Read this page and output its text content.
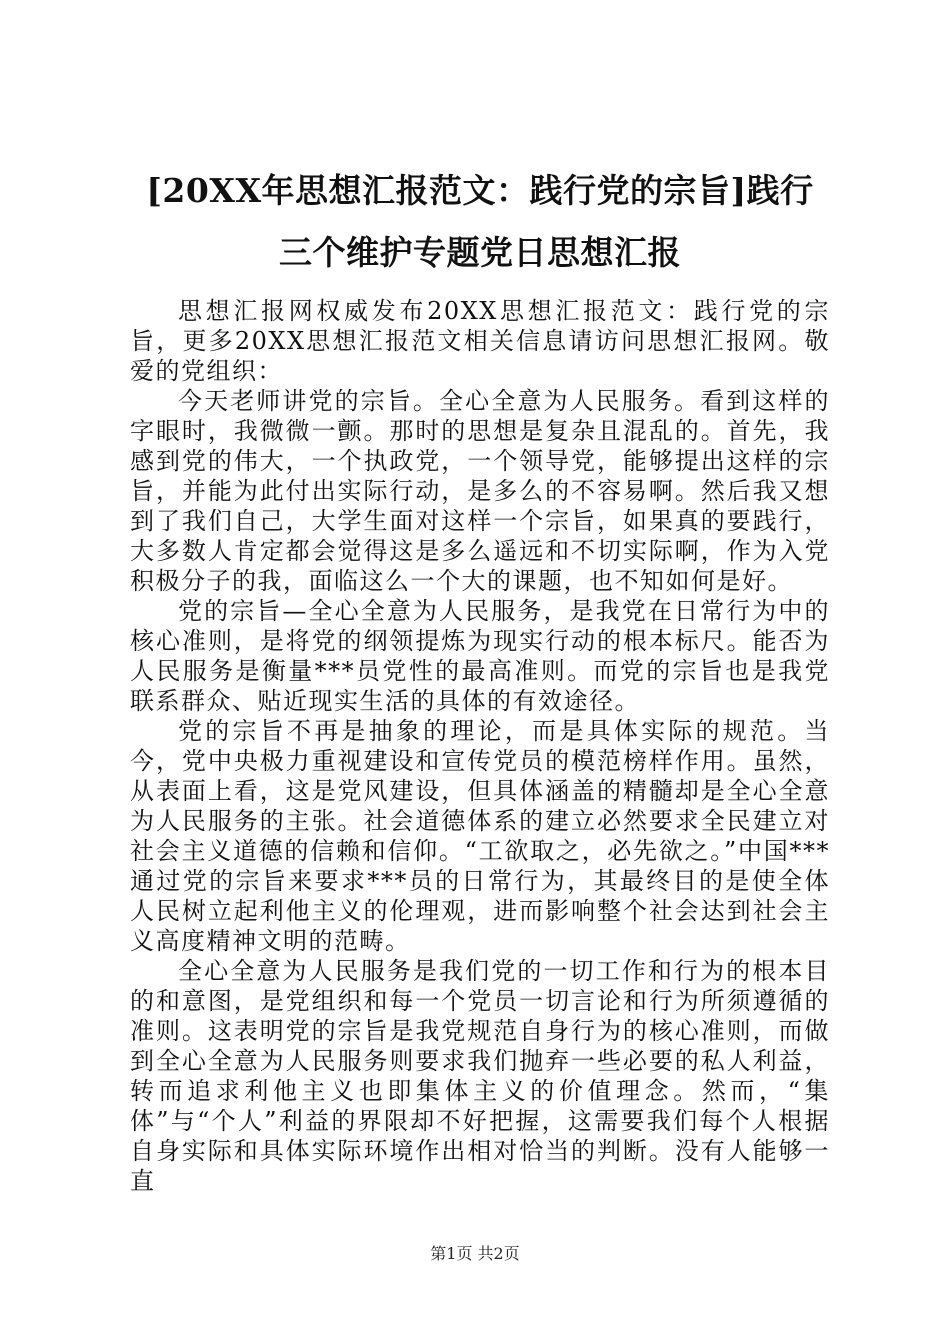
[20XX年思想汇报范文：践行党的宗旨]践行
三个维护专题党日思想汇报

思想汇报网权威发布20XX思想汇报范文：践行党的宗旨，更多20XX思想汇报范文相关信息请访问思想汇报网。敬爱的党组织：

今天老师讲党的宗旨。全心全意为人民服务。看到这样的字眼时，我微微一颤。那时的思想是复杂且混乱的。首先，我感到党的伟大，一个执政党，一个领导党，能够提出这样的宗旨，并能为此付出实际行动，是多么的不容易啊。然后我又想到了我们自己，大学生面对这样一个宗旨，如果真的要践行，大多数人肯定都会觉得这是多么遥远和不切实际啊，作为入党积极分子的我，面临这么一个大的课题，也不知如何是好。

党的宗旨—全心全意为人民服务，是我党在日常行为中的核心准则，是将党的纲领提炼为现实行动的根本标尺。能否为人民服务是衡量***员党性的最高准则。而党的宗旨也是我党联系群众、贴近现实生活的具体的有效途径。

党的宗旨不再是抽象的理论，而是具体实际的规范。当今，党中央极力重视建设和宣传党员的模范榜样作用。虽然，从表面上看，这是党风建设，但具体涵盖的精髓却是全心全意为人民服务的主张。社会道德体系的建立必然要求全民建立对社会主义道德的信赖和信仰。“工欲取之，必先欲之。”中国***通过党的宗旨来要求***员的日常行为，其最终目的是使全体人民树立起利他主义的伦理观，进而影响整个社会达到社会主义高度精神文明的范畴。

全心全意为人民服务是我们党的一切工作和行为的根本目的和意图，是党组织和每一个党员一切言论和行为所须遵循的准则。这表明党的宗旨是我党规范自身行为的核心准则，而做到全心全意为人民服务则要求我们抛弃一些必要的私人利益，转而追求利他主义也即集体主义的价值理念。然而，“集体”与“个人”利益的界限却不好把握，这需要我们每个人根据自身实际和具体实际环境作出相对恰当的判断。没有人能够一直

第1页 共2页
